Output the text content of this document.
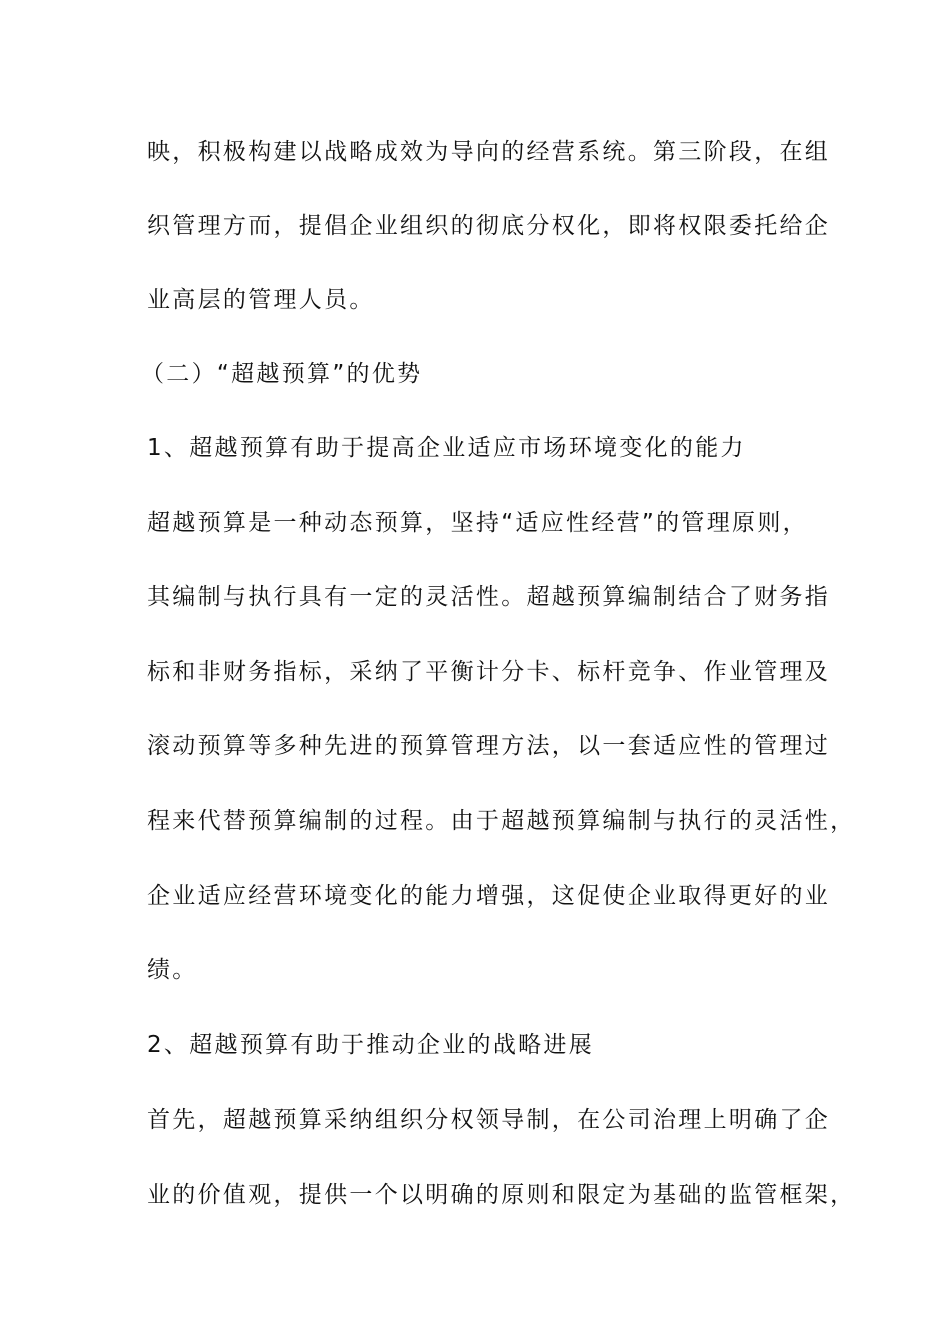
映，积极构建以战略成效为导向的经营系统。第三阶段，在组
织管理方而，提倡企业组织的彻底分权化，即将权限委托给企
业高层的管理人员。
（二）“超越预算”的优势
1、超越预算有助于提高企业适应市场环境变化的能力
超越预算是一种动态预算，坚持“适应性经营”的管理原则，
其编制与执行具有一定的灵活性。超越预算编制结合了财务指
标和非财务指标，采纳了平衡计分卡、标杆竞争、作业管理及
滚动预算等多种先进的预算管理方法，以一套适应性的管理过
程来代替预算编制的过程。由于超越预算编制与执行的灵活性，
企业适应经营环境变化的能力增强，这促使企业取得更好的业
绩。
2、超越预算有助于推动企业的战略进展
首先，超越预算采纳组织分权领导制，在公司治理上明确了企
业的价值观，提供一个以明确的原则和限定为基础的监管框架，
